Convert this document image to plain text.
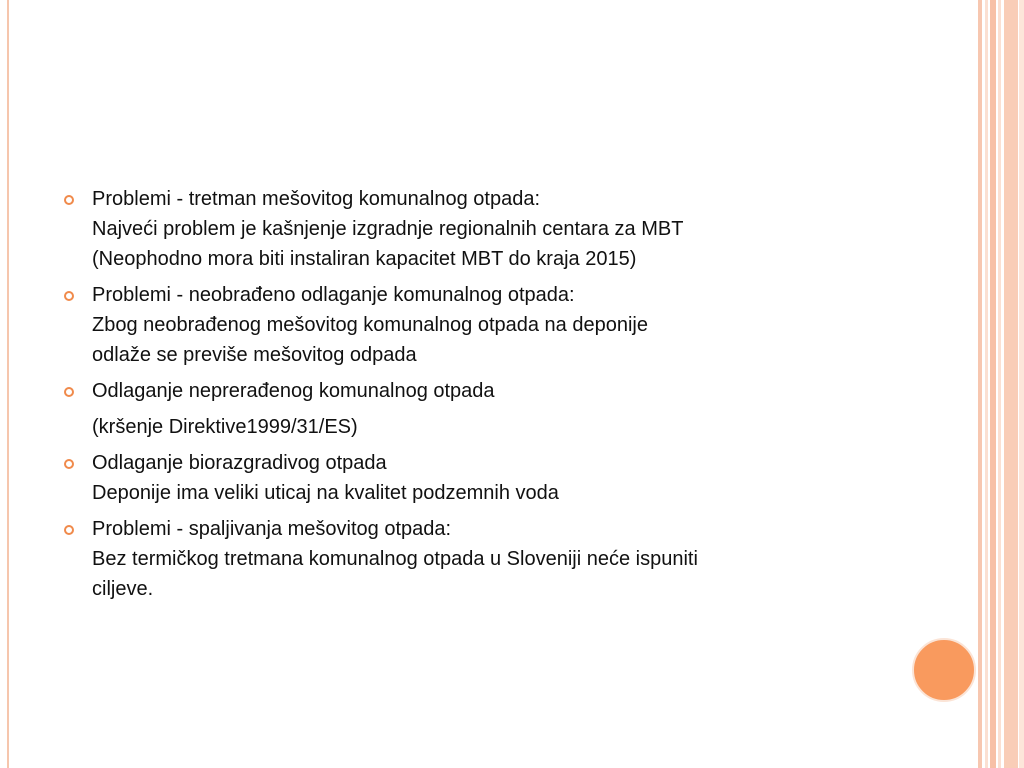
Problemi - tretman mešovitog komunalnog otpada:
Najveći problem je kašnjenje izgradnje regionalnih centara za MBT
(Neophodno mora biti instaliran kapacitet MBT do kraja 2015)
Problemi - neobrađeno odlaganje komunalnog otpada:
Zbog neobrađenog mešovitog komunalnog otpada na deponije
odlaže se previše mešovitog odpada
Odlaganje neprerađenog komunalnog otpada
(kršenje Direktive1999/31/ES)
Odlaganje biorazgradivog otpada
Deponije ima veliki uticaj na kvalitet podzemnih voda
Problemi - spaljivanja mešovitog otpada:
Bez termičkog tretmana komunalnog otpada u Sloveniji neće ispuniti
ciljeve.
